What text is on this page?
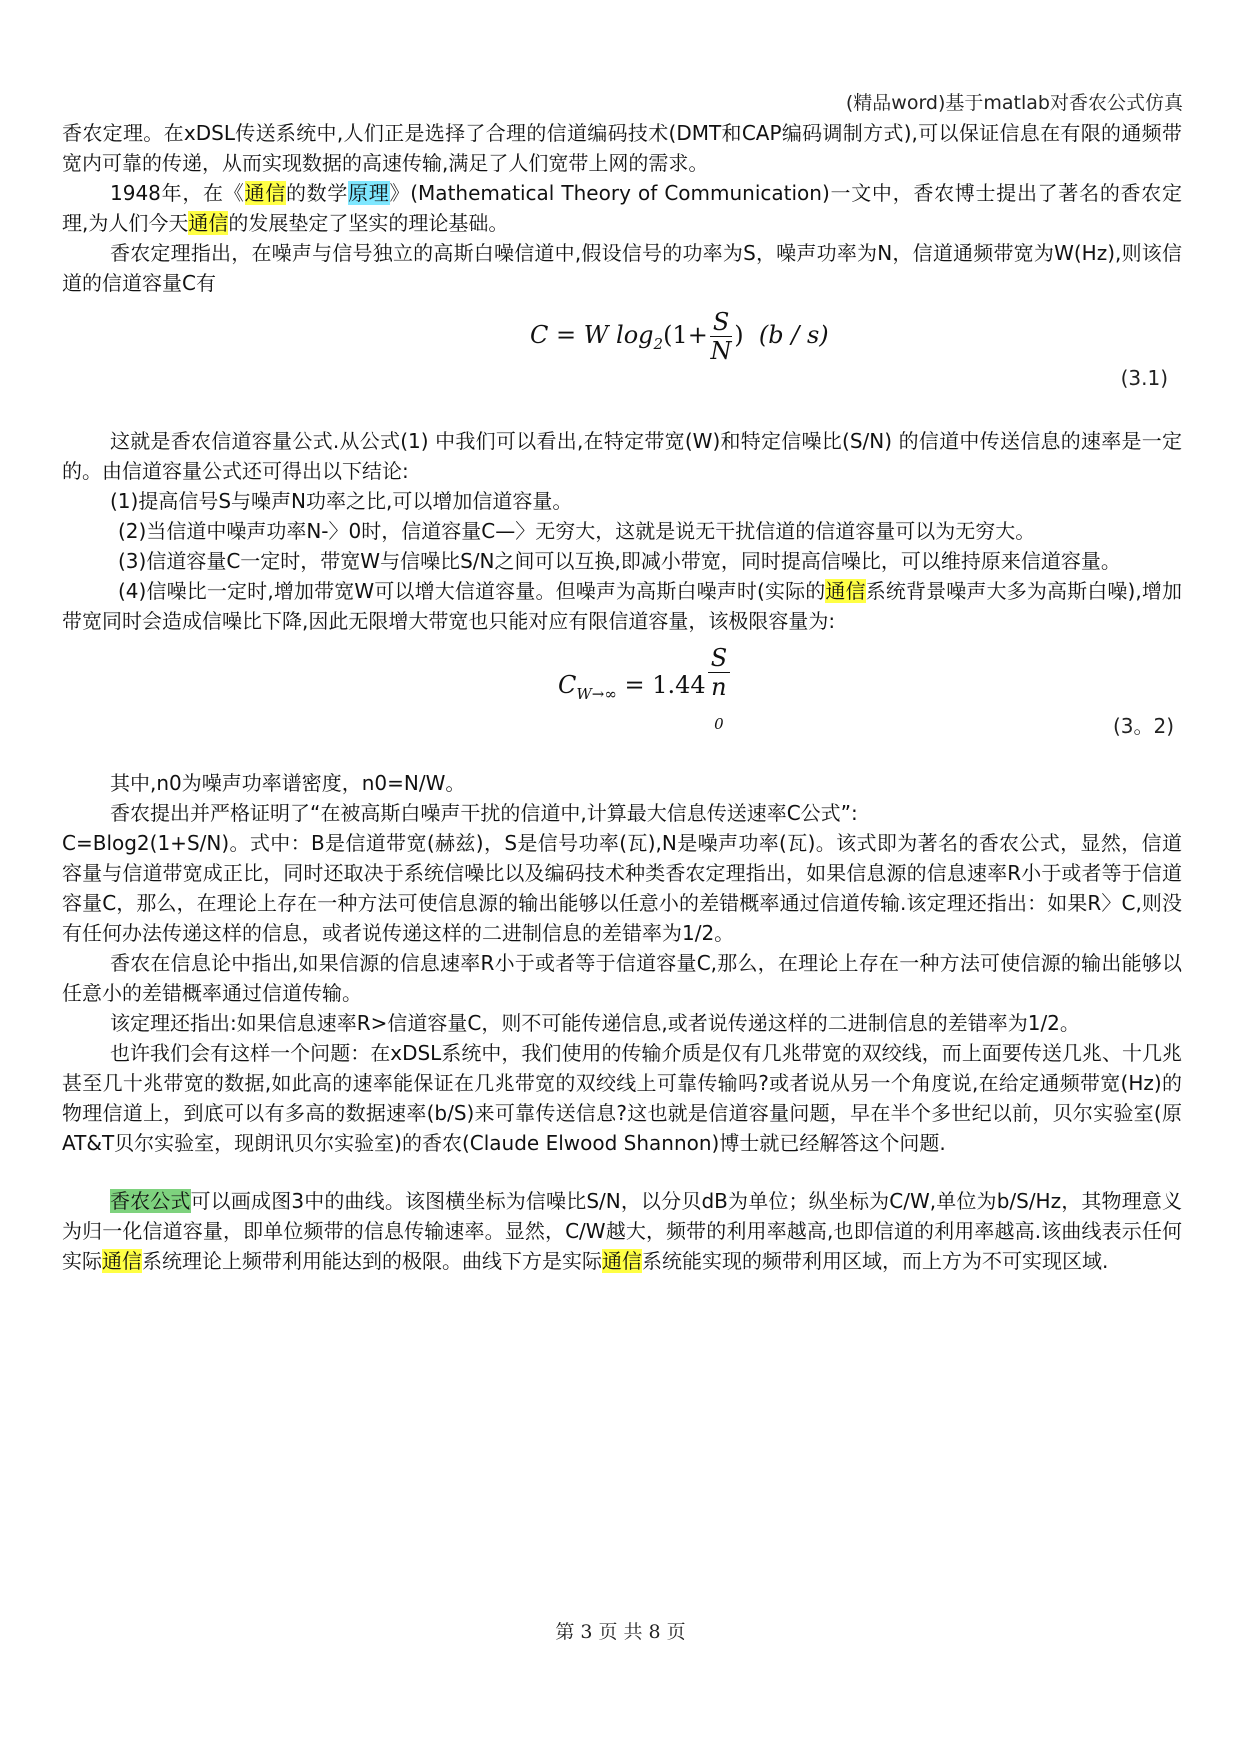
(精品word)基于matlab对香农公式仿真

香农定理。在xDSL传送系统中,人们正是选择了合理的信道编码技术(DMT和CAP编码调制方式),可以保证信息在有限的通频带宽内可靠的传递，从而实现数据的高速传输,满足了人们宽带上网的需求。

1948年，在《通信的数学原理》(Mathematical Theory of Communication)一文中，香农博士提出了著名的香农定理,为人们今天通信的发展垫定了坚实的理论基础。

香农定理指出，在噪声与信号独立的高斯白噪信道中,假设信号的功率为S，噪声功率为N，信道通频带宽为W(Hz),则该信道的信道容量C有

C = W $\log_2(1+ \frac{S}{N}$ ) (b / s)
(3.1)

这就是香农信道容量公式.从公式(1) 中我们可以看出,在特定带宽(W)和特定信噪比(S/N) 的信道中传送信息的速率是一定的。由信道容量公式还可得出以下结论:

(1)提高信号S与噪声N功率之比,可以增加信道容量。

(2)当信道中噪声功率N-〉0时，信道容量C—〉无穷大，这就是说无干扰信道的信道容量可以为无穷大。

(3)信道容量C一定时，带宽W与信噪比S/N之间可以互换,即减小带宽，同时提高信噪比，可以维持原来信道容量。

(4)信噪比一定时,增加带宽W可以增大信道容量。但噪声为高斯白噪声时(实际的通信系统背景噪声大多为高斯白噪),增加带宽同时会造成信噪比下降,因此无限增大带宽也只能对应有限信道容量，该极限容量为:

$C_{W\to\infty} = 1.44$ S
n
$_0$	(3。2)

其中,n0为噪声功率谱密度，n0=N/W。

香农提出并严格证明了“在被高斯白噪声干扰的信道中,计算最大信息传送速率C公式”:

C=Blog2(1+S/N)。式中：B是信道带宽(赫兹)，S是信号功率(瓦),N是噪声功率(瓦)。该式即为著名的香农公式，显然，信道容量与信道带宽成正比，同时还取决于系统信噪比以及编码技术种类香农定理指出，如果信息源的信息速率R小于或者等于信道容量C，那么，在理论上存在一种方法可使信息源的输出能够以任意小的差错概率通过信道传输.该定理还指出：如果R〉C,则没有任何办法传递这样的信息，或者说传递这样的二进制信息的差错率为1/2。

香农在信息论中指出,如果信源的信息速率R小于或者等于信道容量C,那么，在理论上存在一种方法可使信源的输出能够以任意小的差错概率通过信道传输。

该定理还指出:如果信息速率R>信道容量C，则不可能传递信息,或者说传递这样的二进制信息的差错率为1/2。

也许我们会有这样一个问题：在xDSL系统中，我们使用的传输介质是仅有几兆带宽的双绞线，而上面要传送几兆、十几兆甚至几十兆带宽的数据,如此高的速率能保证在几兆带宽的双绞线上可靠传输吗?或者说从另一个角度说,在给定通频带宽(Hz)的物理信道上，到底可以有多高的数据速率(b/S)来可靠传送信息?这也就是信道容量问题，早在半个多世纪以前，贝尔实验室(原AT&T贝尔实验室，现朗讯贝尔实验室)的香农(Claude Elwood Shannon)博士就已经解答这个问题.

香农公式可以画成图3中的曲线。该图横坐标为信噪比S/N，以分贝dB为单位；纵坐标为C/W,单位为b/S/Hz，其物理意义为归一化信道容量，即单位频带的信息传输速率。显然，C/W越大，频带的利用率越高,也即信道的利用率越高.该曲线表示任何实际通信系统理论上频带利用能达到的极限。曲线下方是实际通信系统能实现的频带利用区域，而上方为不可实现区域.

第 3 页 共 8 页
